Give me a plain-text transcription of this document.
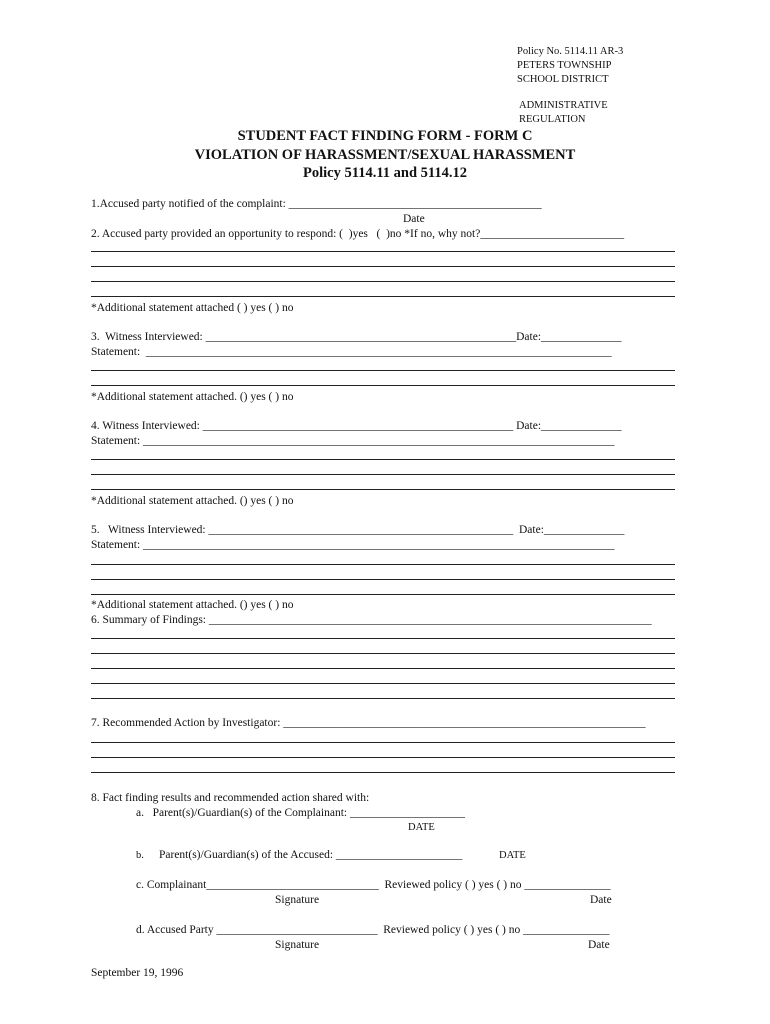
Policy No. 5114.11 AR-3
PETERS TOWNSHIP
SCHOOL DISTRICT
ADMINISTRATIVE
REGULATION
STUDENT FACT FINDING FORM - FORM C
VIOLATION OF HARASSMENT/SEXUAL HARASSMENT
Policy 5114.11 and 5114.12
1.Accused party notified of the complaint: ____________________________________________
Date
2. Accused party provided an opportunity to respond: (  )yes   (  )no *If no, why not?_________________________
*Additional statement attached ( ) yes ( ) no
3.  Witness Interviewed: ______________________________________________________Date:______________
Statement:  _________________________________________________________________________________
*Additional statement attached. () yes ( ) no
4. Witness Interviewed: ______________________________________________________ Date:______________
Statement: __________________________________________________________________________________
*Additional statement attached. () yes ( ) no
5.   Witness Interviewed: _____________________________________________________  Date:______________
Statement: __________________________________________________________________________________
*Additional statement attached. () yes ( ) no
6. Summary of Findings: _____________________________________________________________________________
7. Recommended Action by Investigator: _______________________________________________________________
8. Fact finding results and recommended action shared with:
a.   Parent(s)/Guardian(s) of the Complainant: ____________________
DATE
b. Parent(s)/Guardian(s) of the Accused: ______________________	DATE
c. Complainant______________________________  Reviewed policy ( ) yes ( ) no _______________
Signature	Date
d. Accused Party ____________________________  Reviewed policy ( ) yes ( ) no _______________
Signature	Date
September 19, 1996
